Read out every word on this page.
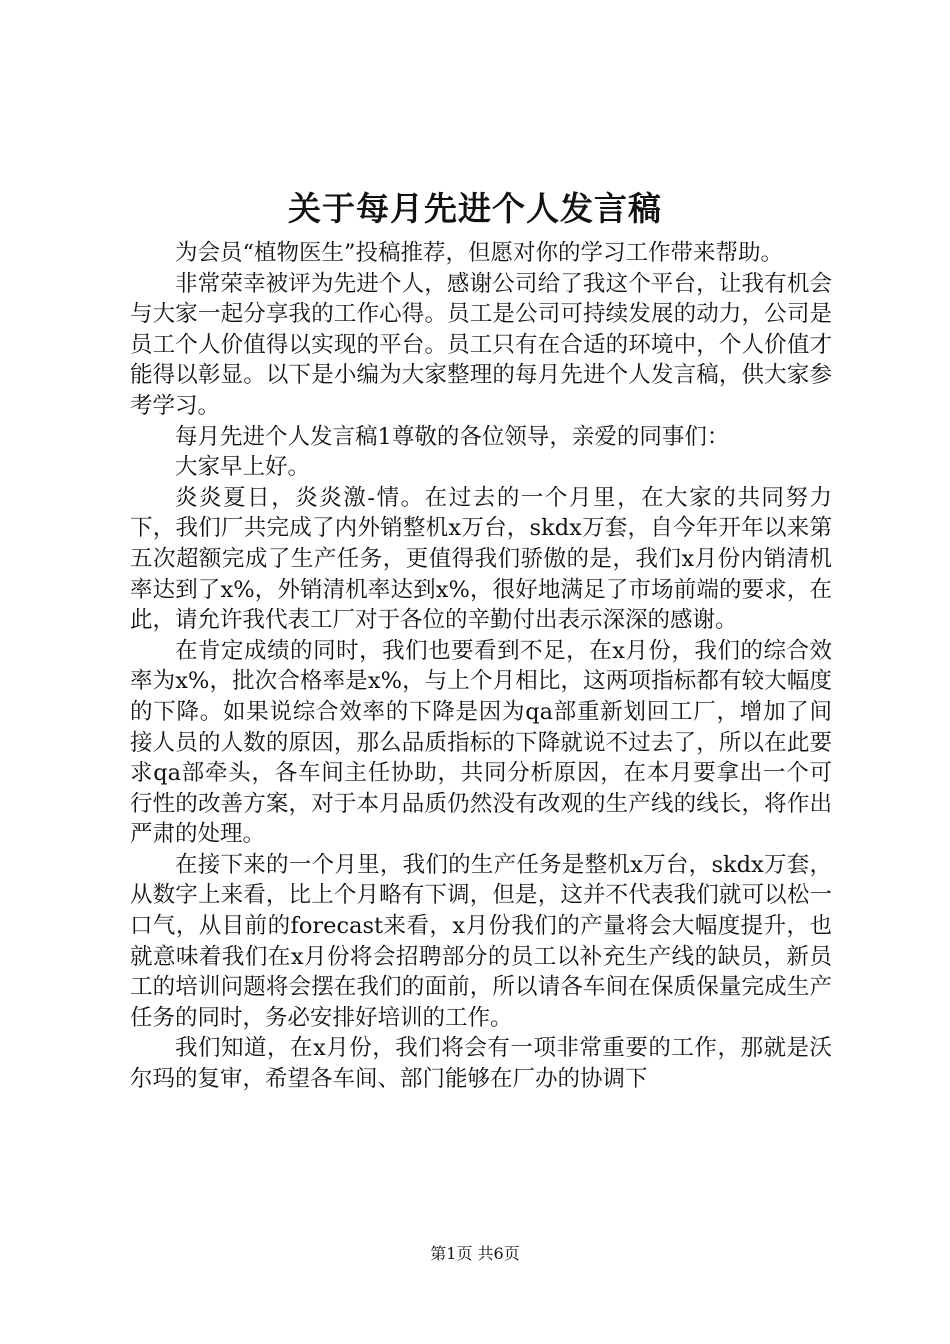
关于每月先进个人发言稿

为会员“植物医生”投稿推荐，但愿对你的学习工作带来帮助。

非常荣幸被评为先进个人，感谢公司给了我这个平台，让我有机会与大家一起分享我的工作心得。员工是公司可持续发展的动力，公司是员工个人价值得以实现的平台。员工只有在合适的环境中，个人价值才能得以彰显。以下是小编为大家整理的每月先进个人发言稿，供大家参考学习。

每月先进个人发言稿1尊敬的各位领导，亲爱的同事们：

大家早上好。

炎炎夏日，炎炎激-情。在过去的一个月里，在大家的共同努力下，我们厂共完成了内外销整机x万台，skdx万套，自今年开年以来第五次超额完成了生产任务，更值得我们骄傲的是，我们x月份内销清机率达到了x%，外销清机率达到x%，很好地满足了市场前端的要求，在此，请允许我代表工厂对于各位的辛勤付出表示深深的感谢。

在肯定成绩的同时，我们也要看到不足，在x月份，我们的综合效率为x%，批次合格率是x%，与上个月相比，这两项指标都有较大幅度的下降。如果说综合效率的下降是因为qa部重新划回工厂，增加了间接人员的人数的原因，那么品质指标的下降就说不过去了，所以在此要求qa部牵头，各车间主任协助，共同分析原因，在本月要拿出一个可行性的改善方案，对于本月品质仍然没有改观的生产线的线长，将作出严肃的处理。

在接下来的一个月里，我们的生产任务是整机x万台，skdx万套，从数字上来看，比上个月略有下调，但是，这并不代表我们就可以松一口气，从目前的forecast来看，x月份我们的产量将会大幅度提升，也就意味着我们在x月份将会招聘部分的员工以补充生产线的缺员，新员工的培训问题将会摆在我们的面前，所以请各车间在保质保量完成生产任务的同时，务必安排好培训的工作。

我们知道，在x月份，我们将会有一项非常重要的工作，那就是沃尔玛的复审，希望各车间、部门能够在厂办的协调下

第1页 共6页
